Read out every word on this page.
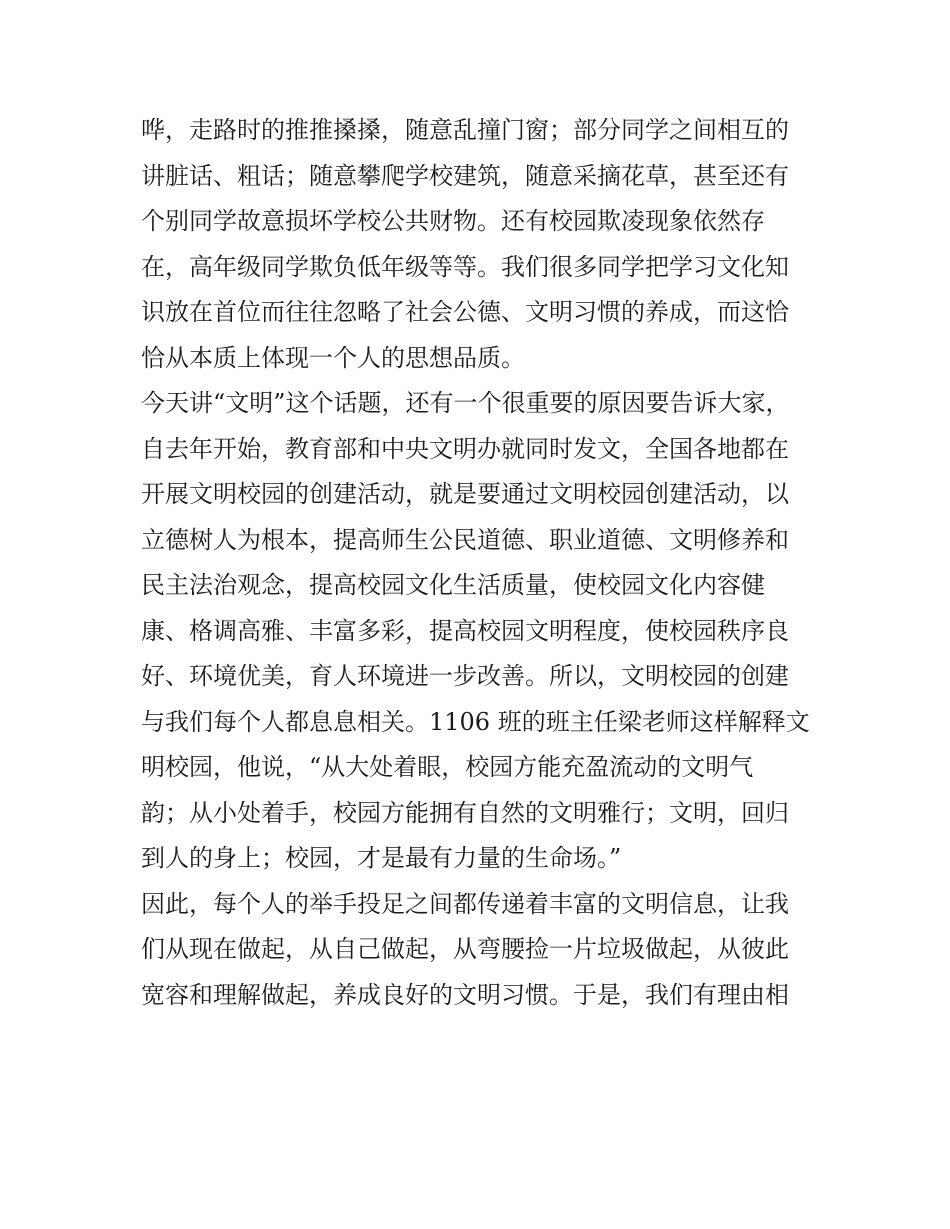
哗，走路时的推推搡搡，随意乱撞门窗；部分同学之间相互的
讲脏话、粗话；随意攀爬学校建筑，随意采摘花草，甚至还有
个别同学故意损坏学校公共财物。还有校园欺凌现象依然存
在，高年级同学欺负低年级等等。我们很多同学把学习文化知
识放在首位而往往忽略了社会公德、文明习惯的养成，而这恰
恰从本质上体现一个人的思想品质。
今天讲“文明”这个话题，还有一个很重要的原因要告诉大家，
自去年开始，教育部和中央文明办就同时发文，全国各地都在
开展文明校园的创建活动，就是要通过文明校园创建活动，以
立德树人为根本，提高师生公民道德、职业道德、文明修养和
民主法治观念，提高校园文化生活质量，使校园文化内容健
康、格调高雅、丰富多彩，提高校园文明程度，使校园秩序良
好、环境优美，育人环境进一步改善。所以，文明校园的创建
与我们每个人都息息相关。1106 班的班主任梁老师这样解释文
明校园，他说，“从大处着眼，校园方能充盈流动的文明气
韵；从小处着手，校园方能拥有自然的文明雅行；文明，回归
到人的身上；校园，才是最有力量的生命场。”
因此，每个人的举手投足之间都传递着丰富的文明信息，让我
们从现在做起，从自己做起，从弯腰捡一片垃圾做起，从彼此
宽容和理解做起，养成良好的文明习惯。于是，我们有理由相
